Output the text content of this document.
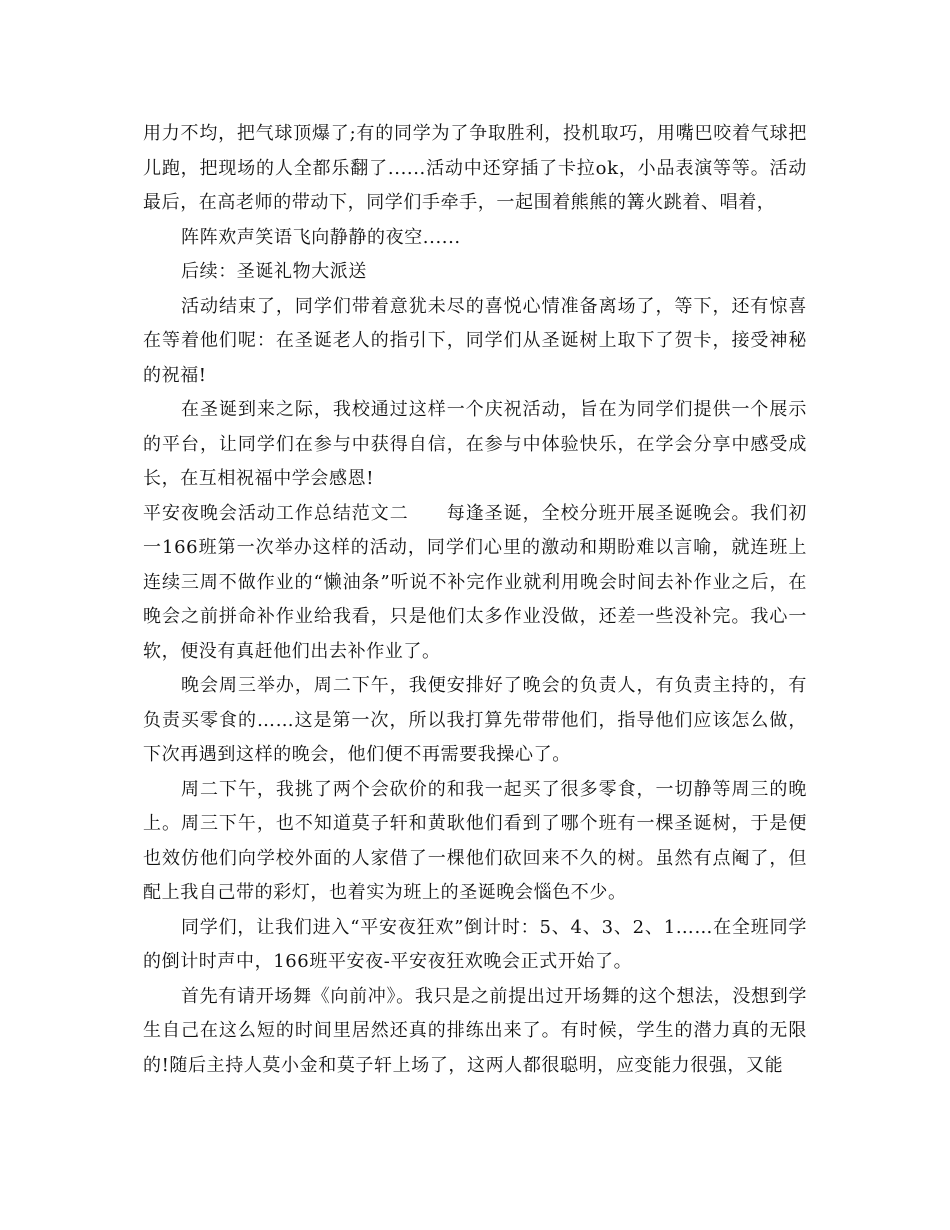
用力不均，把气球顶爆了;有的同学为了争取胜利，投机取巧，用嘴巴咬着气球把儿跑，把现场的人全都乐翻了......活动中还穿插了卡拉ok，小品表演等等。活动最后，在高老师的带动下，同学们手牵手，一起围着熊熊的篝火跳着、唱着，

阵阵欢声笑语飞向静静的夜空......

后续：圣诞礼物大派送

活动结束了，同学们带着意犹未尽的喜悦心情准备离场了，等下，还有惊喜在等着他们呢：在圣诞老人的指引下，同学们从圣诞树上取下了贺卡，接受神秘的祝福!

在圣诞到来之际，我校通过这样一个庆祝活动，旨在为同学们提供一个展示的平台，让同学们在参与中获得自信，在参与中体验快乐，在学会分享中感受成长，在互相祝福中学会感恩!

平安夜晚会活动工作总结范文二　　每逢圣诞，全校分班开展圣诞晚会。我们初一166班第一次举办这样的活动，同学们心里的激动和期盼难以言喻，就连班上连续三周不做作业的“懒油条”听说不补完作业就利用晚会时间去补作业之后，在晚会之前拼命补作业给我看，只是他们太多作业没做，还差一些没补完。我心一软，便没有真赶他们出去补作业了。

晚会周三举办，周二下午，我便安排好了晚会的负责人，有负责主持的，有负责买零食的……这是第一次，所以我打算先带带他们，指导他们应该怎么做，下次再遇到这样的晚会，他们便不再需要我操心了。

周二下午，我挑了两个会砍价的和我一起买了很多零食，一切静等周三的晚上。周三下午，也不知道莫子轩和黄耿他们看到了哪个班有一棵圣诞树，于是便也效仿他们向学校外面的人家借了一棵他们砍回来不久的树。虽然有点阉了，但配上我自己带的彩灯，也着实为班上的圣诞晚会惱色不少。

同学们，让我们进入“平安夜狂欢”倒计时：5、4、3、2、1……在全班同学的倒计时声中，166班平安夜-平安夜狂欢晚会正式开始了。

首先有请开场舞《向前冲》。我只是之前提出过开场舞的这个想法，没想到学生自己在这么短的时间里居然还真的排练出来了。有时候，学生的潜力真的无限的!随后主持人莫小金和莫子轩上场了，这两人都很聪明，应变能力很强，又能
